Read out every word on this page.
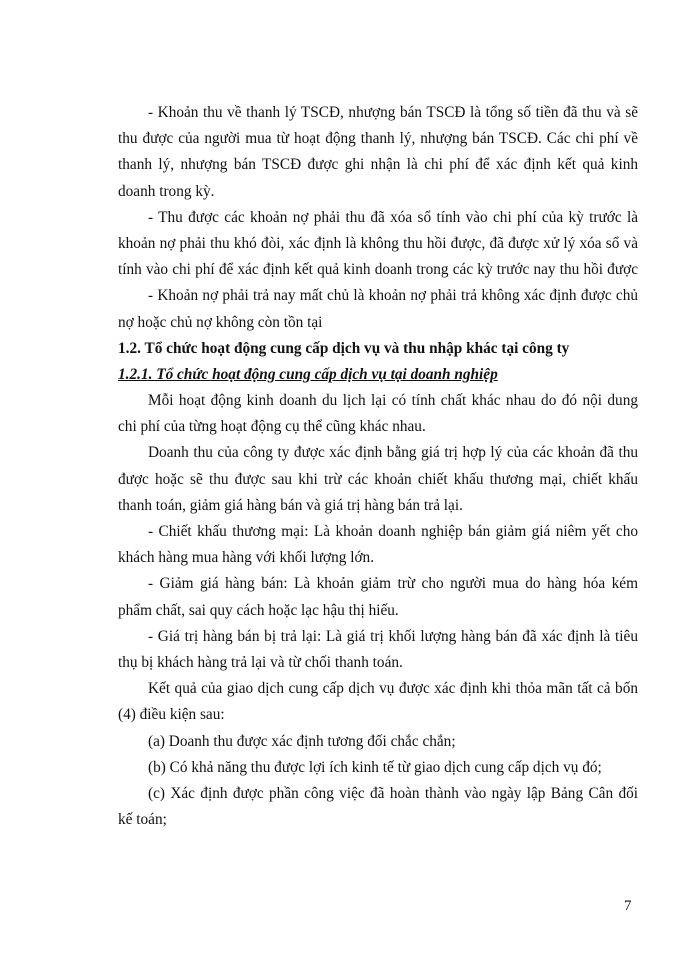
- Khoản thu về thanh lý TSCĐ, nhượng bán TSCĐ là tổng số tiền đã thu và sẽ
thu được của người mua từ hoạt động thanh lý, nhượng bán TSCĐ. Các chi phí về
thanh lý, nhượng bán TSCĐ được ghi nhận là chi phí để xác định kết quả kinh
doanh trong kỳ.
- Thu được các khoản nợ phải thu đã xóa sổ tính vào chi phí của kỳ trước là
khoản nợ phải thu khó đòi, xác định là không thu hồi được, đã được xử lý xóa sổ và
tính vào chi phí để xác định kết quả kinh doanh trong các kỳ trước nay thu hồi được
- Khoản nợ phải trả nay mất chủ là khoản nợ phải trả không xác định được chủ
nợ hoặc chủ nợ không còn tồn tại
1.2. Tổ chức hoạt động cung cấp dịch vụ và thu nhập khác tại công ty
1.2.1. Tổ chức hoạt động cung cấp dịch vụ tại doanh nghiệp
Mỗi hoạt động kinh doanh du lịch lại có tính chất khác nhau do đó nội dung
chi phí của từng hoạt động cụ thể cũng khác nhau.
Doanh thu của công ty được xác định bằng giá trị hợp lý của các khoản đã thu
được hoặc sẽ thu được sau khi trừ các khoản chiết khấu thương mại, chiết khấu
thanh toán, giảm giá hàng bán và giá trị hàng bán trả lại.
- Chiết khấu thương mại: Là khoản doanh nghiệp bán giảm giá niêm yết cho
khách hàng mua hàng với khối lượng lớn.
- Giảm giá hàng bán: Là khoản giảm trừ cho người mua do hàng hóa kém
phẩm chất, sai quy cách hoặc lạc hậu thị hiếu.
- Giá trị hàng bán bị trả lại: Là giá trị khối lượng hàng bán đã xác định là tiêu
thụ bị khách hàng trả lại và từ chối thanh toán.
Kết quả của giao dịch cung cấp dịch vụ được xác định khi thỏa mãn tất cả bốn
(4) điều kiện sau:
(a) Doanh thu được xác định tương đối chắc chắn;
(b) Có khả năng thu được lợi ích kinh tế từ giao dịch cung cấp dịch vụ đó;
(c) Xác định được phần công việc đã hoàn thành vào ngày lập Bảng Cân đối
kế toán;
7
